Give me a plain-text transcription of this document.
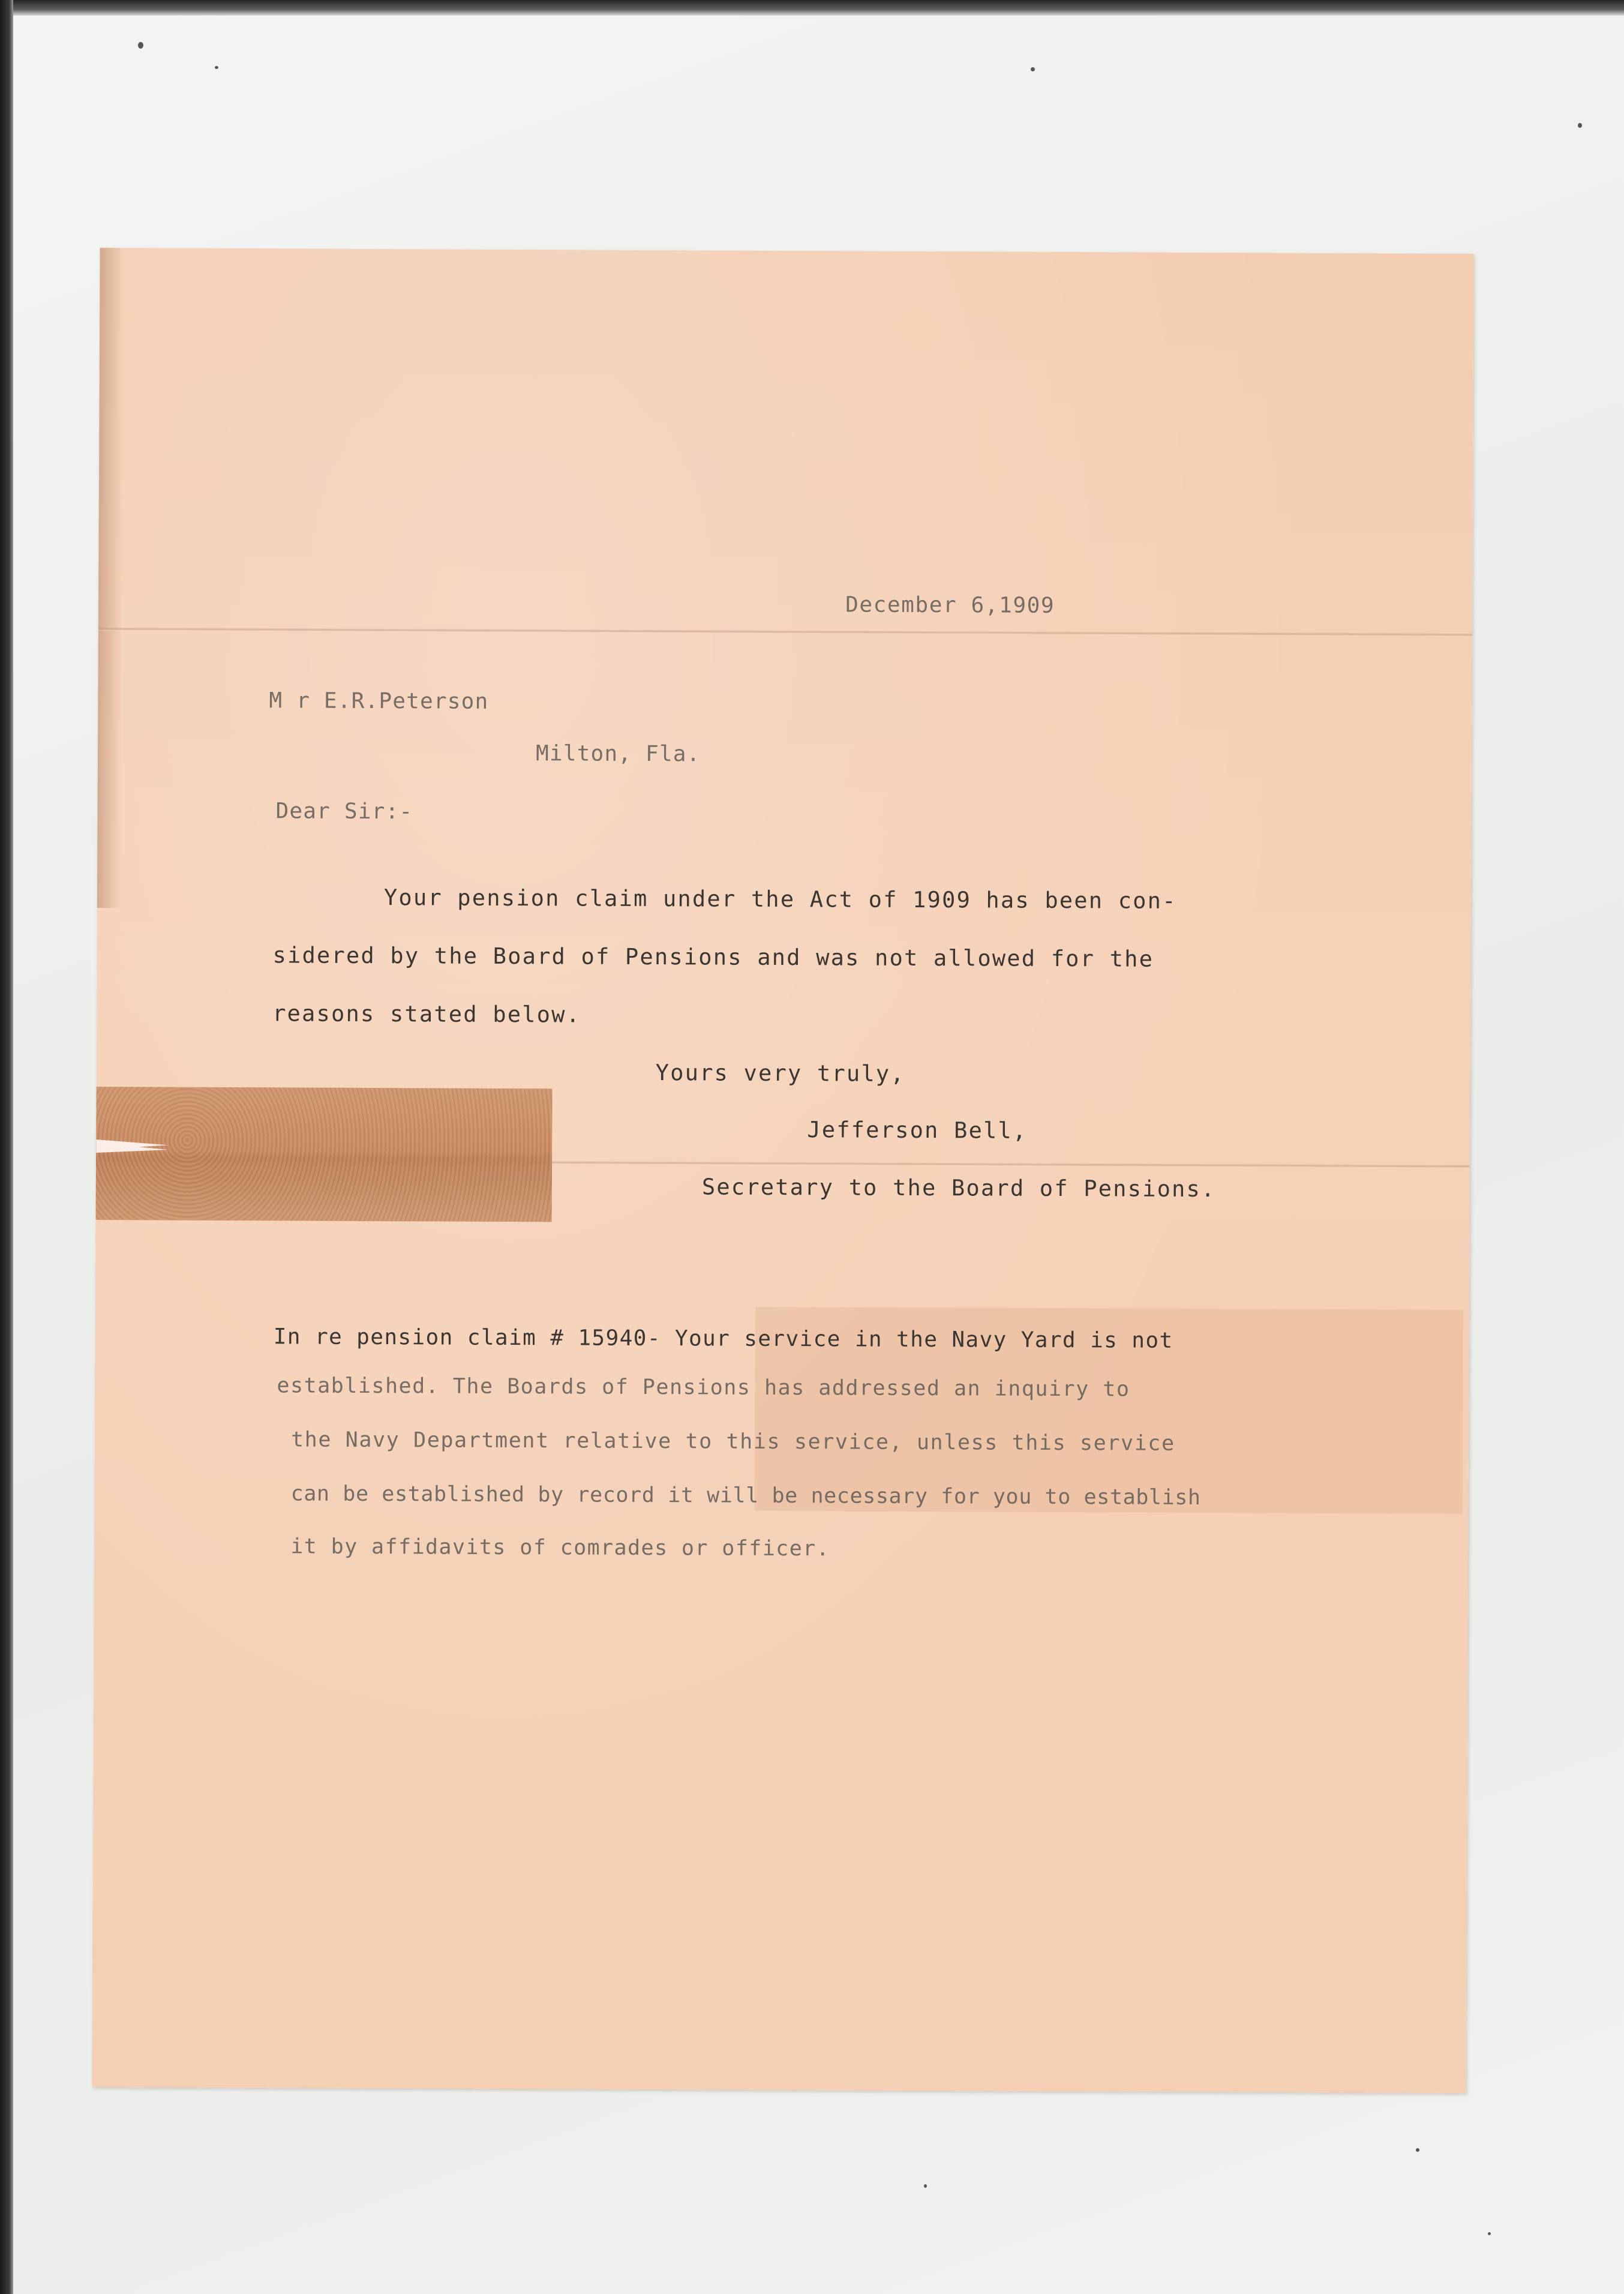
December 6,1909
M r E.R.Peterson
Milton, Fla.
Dear Sir:-
Your pension claim under the Act of 1909 has been con-
sidered by the Board of Pensions and was not allowed for the
reasons stated below.
Yours very truly,
Jefferson Bell,
Secretary to the Board of Pensions.
In re pension claim # 15940- Your service in the Navy Yard is not
established. The Boards of Pensions has addressed an inquiry to
the Navy Department relative to this service, unless this service
can be established by record it will be necessary for you to establish
it by affidavits of comrades or officer.
